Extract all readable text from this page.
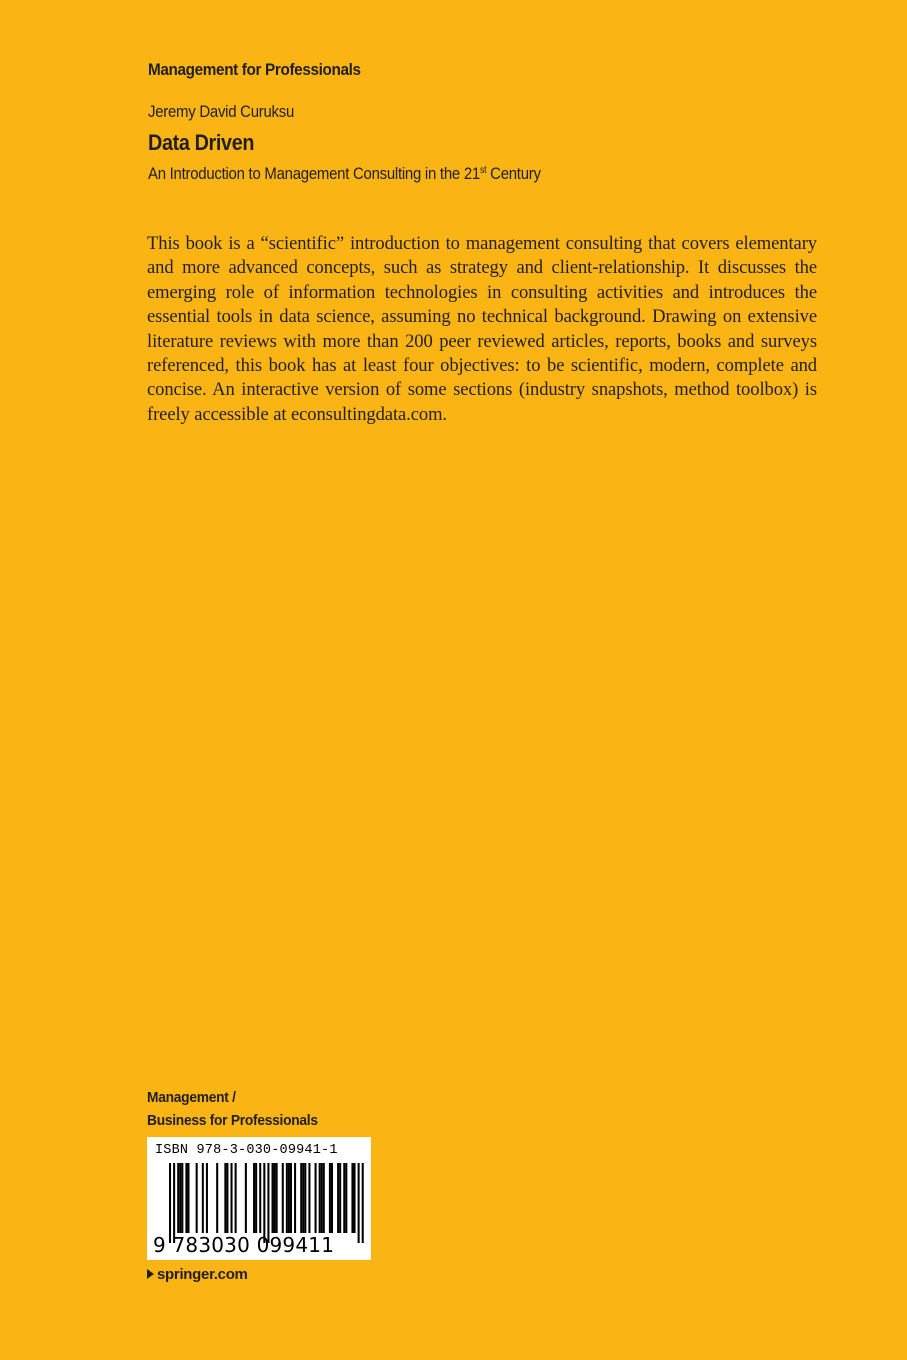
Management for Professionals
Jeremy David Curuksu
Data Driven
An Introduction to Management Consulting in the 21st Century
This book is a “scientific” introduction to management consulting that covers elementary and more advanced concepts, such as strategy and client-relationship. It discusses the emerging role of information technologies in consulting activities and introduces the essential tools in data science, assuming no technical background. Drawing on extensive literature reviews with more than 200 peer reviewed articles, reports, books and surveys referenced, this book has at least four objectives: to be scientific, modern, complete and concise. An interactive version of some sections (industry snapshots, method toolbox) is freely accessible at econsultingdata.com.
Management /
Business for Professionals
ISBN 978-3-030-09941-1
9 783030 099411
springer.com
